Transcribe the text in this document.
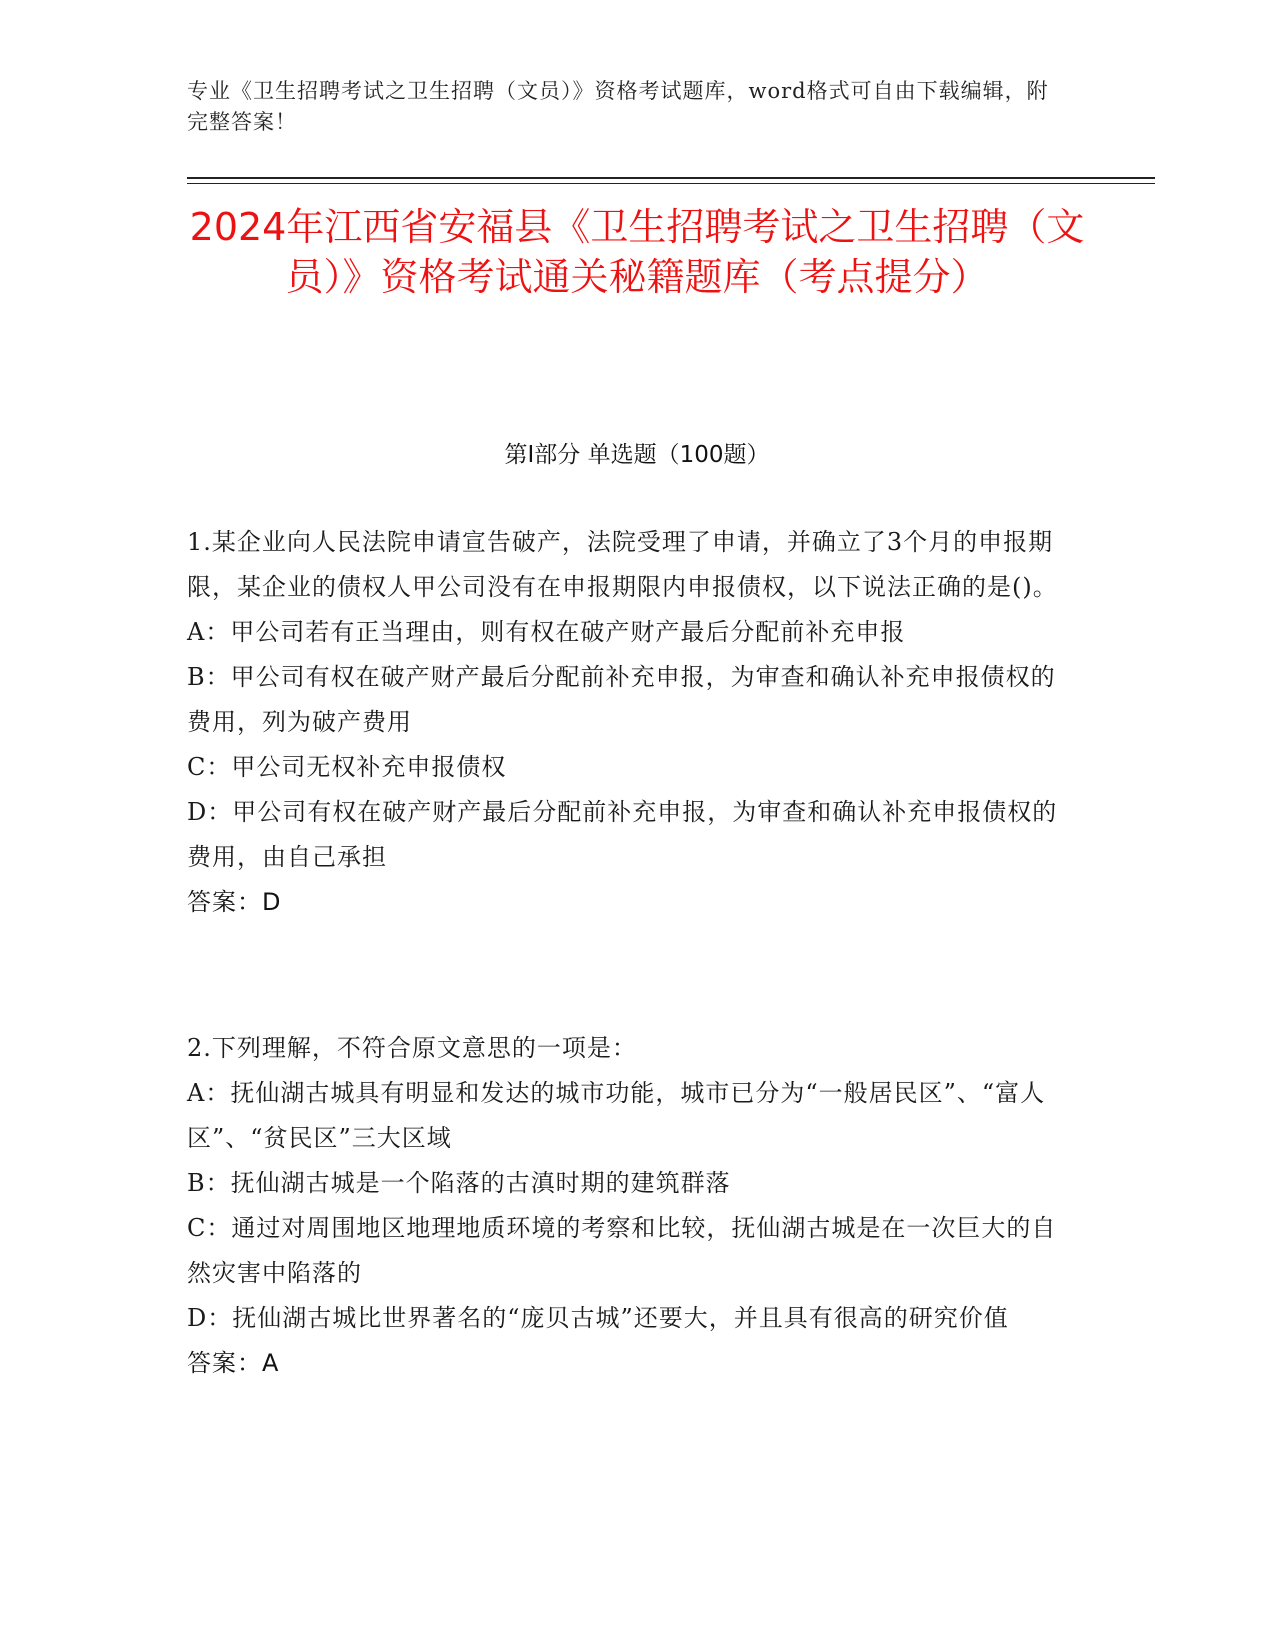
专业《卫生招聘考试之卫生招聘（文员）》资格考试题库，word格式可自由下载编辑，附完整答案！
2024年江西省安福县《卫生招聘考试之卫生招聘（文员）》资格考试通关秘籍题库（考点提分）
第Ⅰ部分 单选题（100题）
1.某企业向人民法院申请宣告破产，法院受理了申请，并确立了3个月的申报期限，某企业的债权人甲公司没有在申报期限内申报债权，以下说法正确的是()。
A：甲公司若有正当理由，则有权在破产财产最后分配前补充申报
B：甲公司有权在破产财产最后分配前补充申报，为审查和确认补充申报债权的费用，列为破产费用
C：甲公司无权补充申报债权
D：甲公司有权在破产财产最后分配前补充申报，为审查和确认补充申报债权的费用，由自己承担
答案：D
2.下列理解，不符合原文意思的一项是：
A：抚仙湖古城具有明显和发达的城市功能，城市已分为“一般居民区”、“富人区”、“贫民区”三大区域
B：抚仙湖古城是一个陷落的古滇时期的建筑群落
C：通过对周围地区地理地质环境的考察和比较，抚仙湖古城是在一次巨大的自然灾害中陷落的
D：抚仙湖古城比世界著名的“庞贝古城”还要大，并且具有很高的研究价值
答案：A
